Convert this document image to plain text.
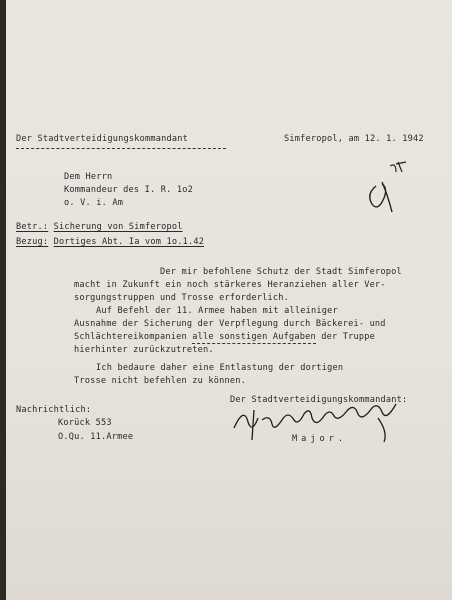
Der Stadtverteidigungskommandant	Simferopol, am 12. 1. 1942
Dem Herrn
Kommandeur des I. R. 1o2
o. V. i. Am
Betr.: Sicherung von Simferopol
Bezug: Dortiges Abt. Ia vom 1o.1.42
Der mir befohlene Schutz der Stadt Simferopol
macht in Zukunft ein noch stärkeres Heranziehen aller Ver-
sorgungstruppen und Trosse erforderlich.
Auf Befehl der 11. Armee haben mit alleiniger
Ausnahme der Sicherung der Verpflegung durch Bäckerei- und
Schlächtereikompanien alle sonstigen Aufgaben der Truppe
hierhinter zurückzutreten.
Ich bedaure daher eine Entlastung der dortigen
Trosse nicht befehlen zu können.
Der Stadtverteidigungskommandant:
Nachrichtlich:
Korück 553
O.Qu. 11.Armee	Major.
